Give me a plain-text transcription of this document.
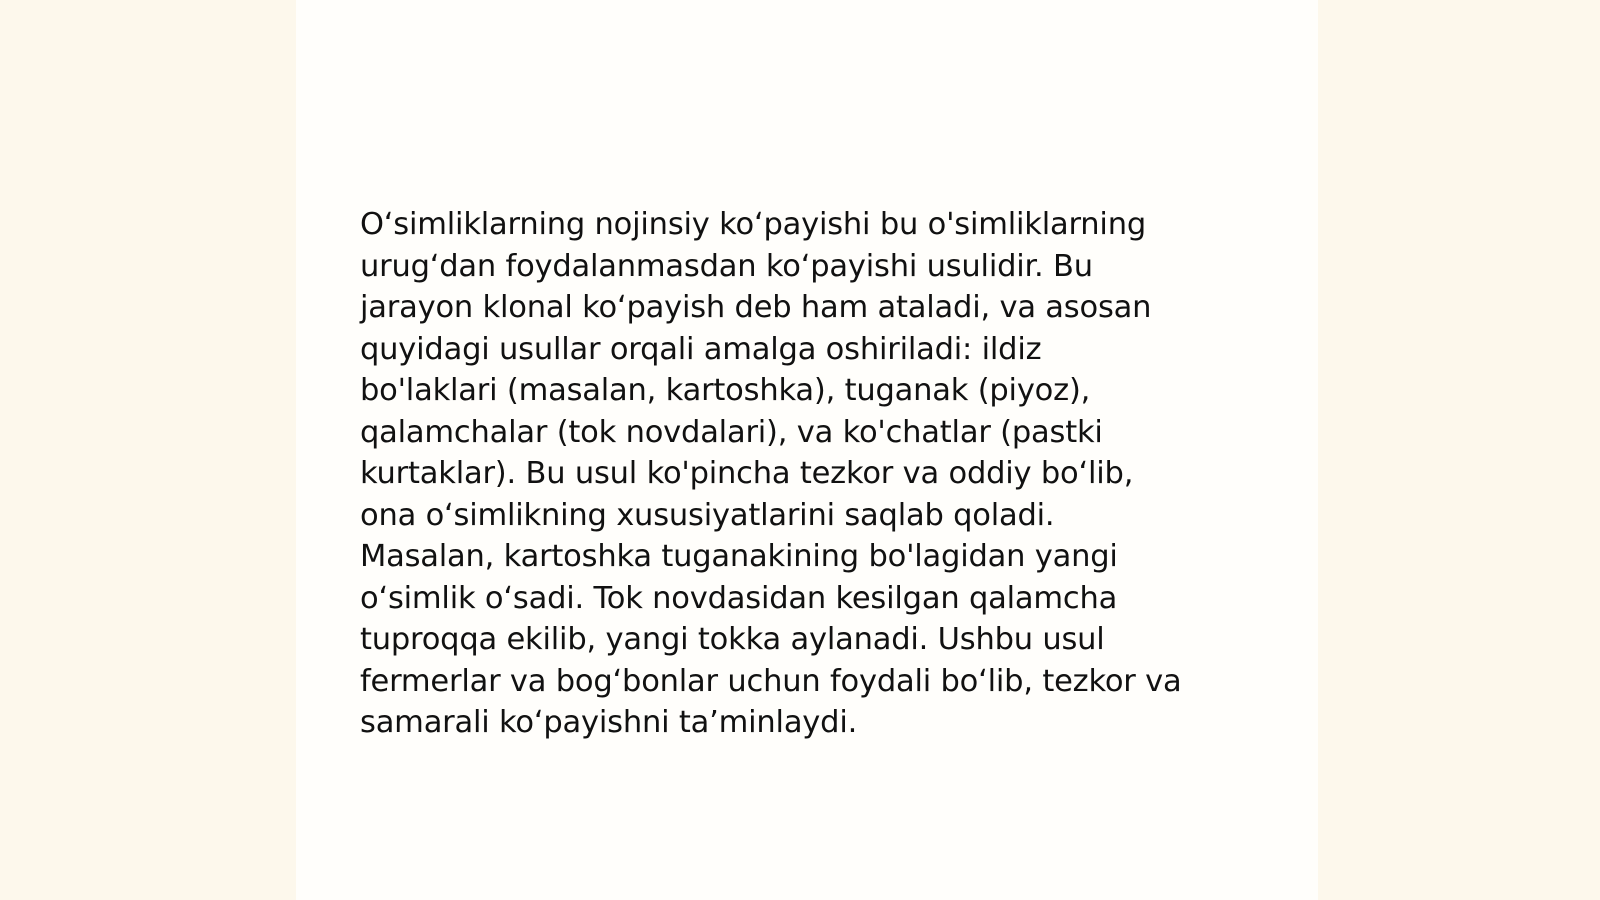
O‘simliklarning nojinsiy ko‘payishi bu o'simliklarning
urug‘dan foydalanmasdan ko‘payishi usulidir. Bu
jarayon klonal ko‘payish deb ham ataladi, va asosan
quyidagi usullar orqali amalga oshiriladi: ildiz
bo'laklari (masalan, kartoshka), tuganak (piyoz),
qalamchalar (tok novdalari), va ko'chatlar (pastki
kurtaklar). Bu usul ko'pincha tezkor va oddiy bo‘lib,
ona o‘simlikning xususiyatlarini saqlab qoladi.
Masalan, kartoshka tuganakining bo'lagidan yangi
o‘simlik o‘sadi. Tok novdasidan kesilgan qalamcha
tuproqqa ekilib, yangi tokka aylanadi. Ushbu usul
fermerlar va bog‘bonlar uchun foydali bo‘lib, tezkor va
samarali ko‘payishni ta’minlaydi.
